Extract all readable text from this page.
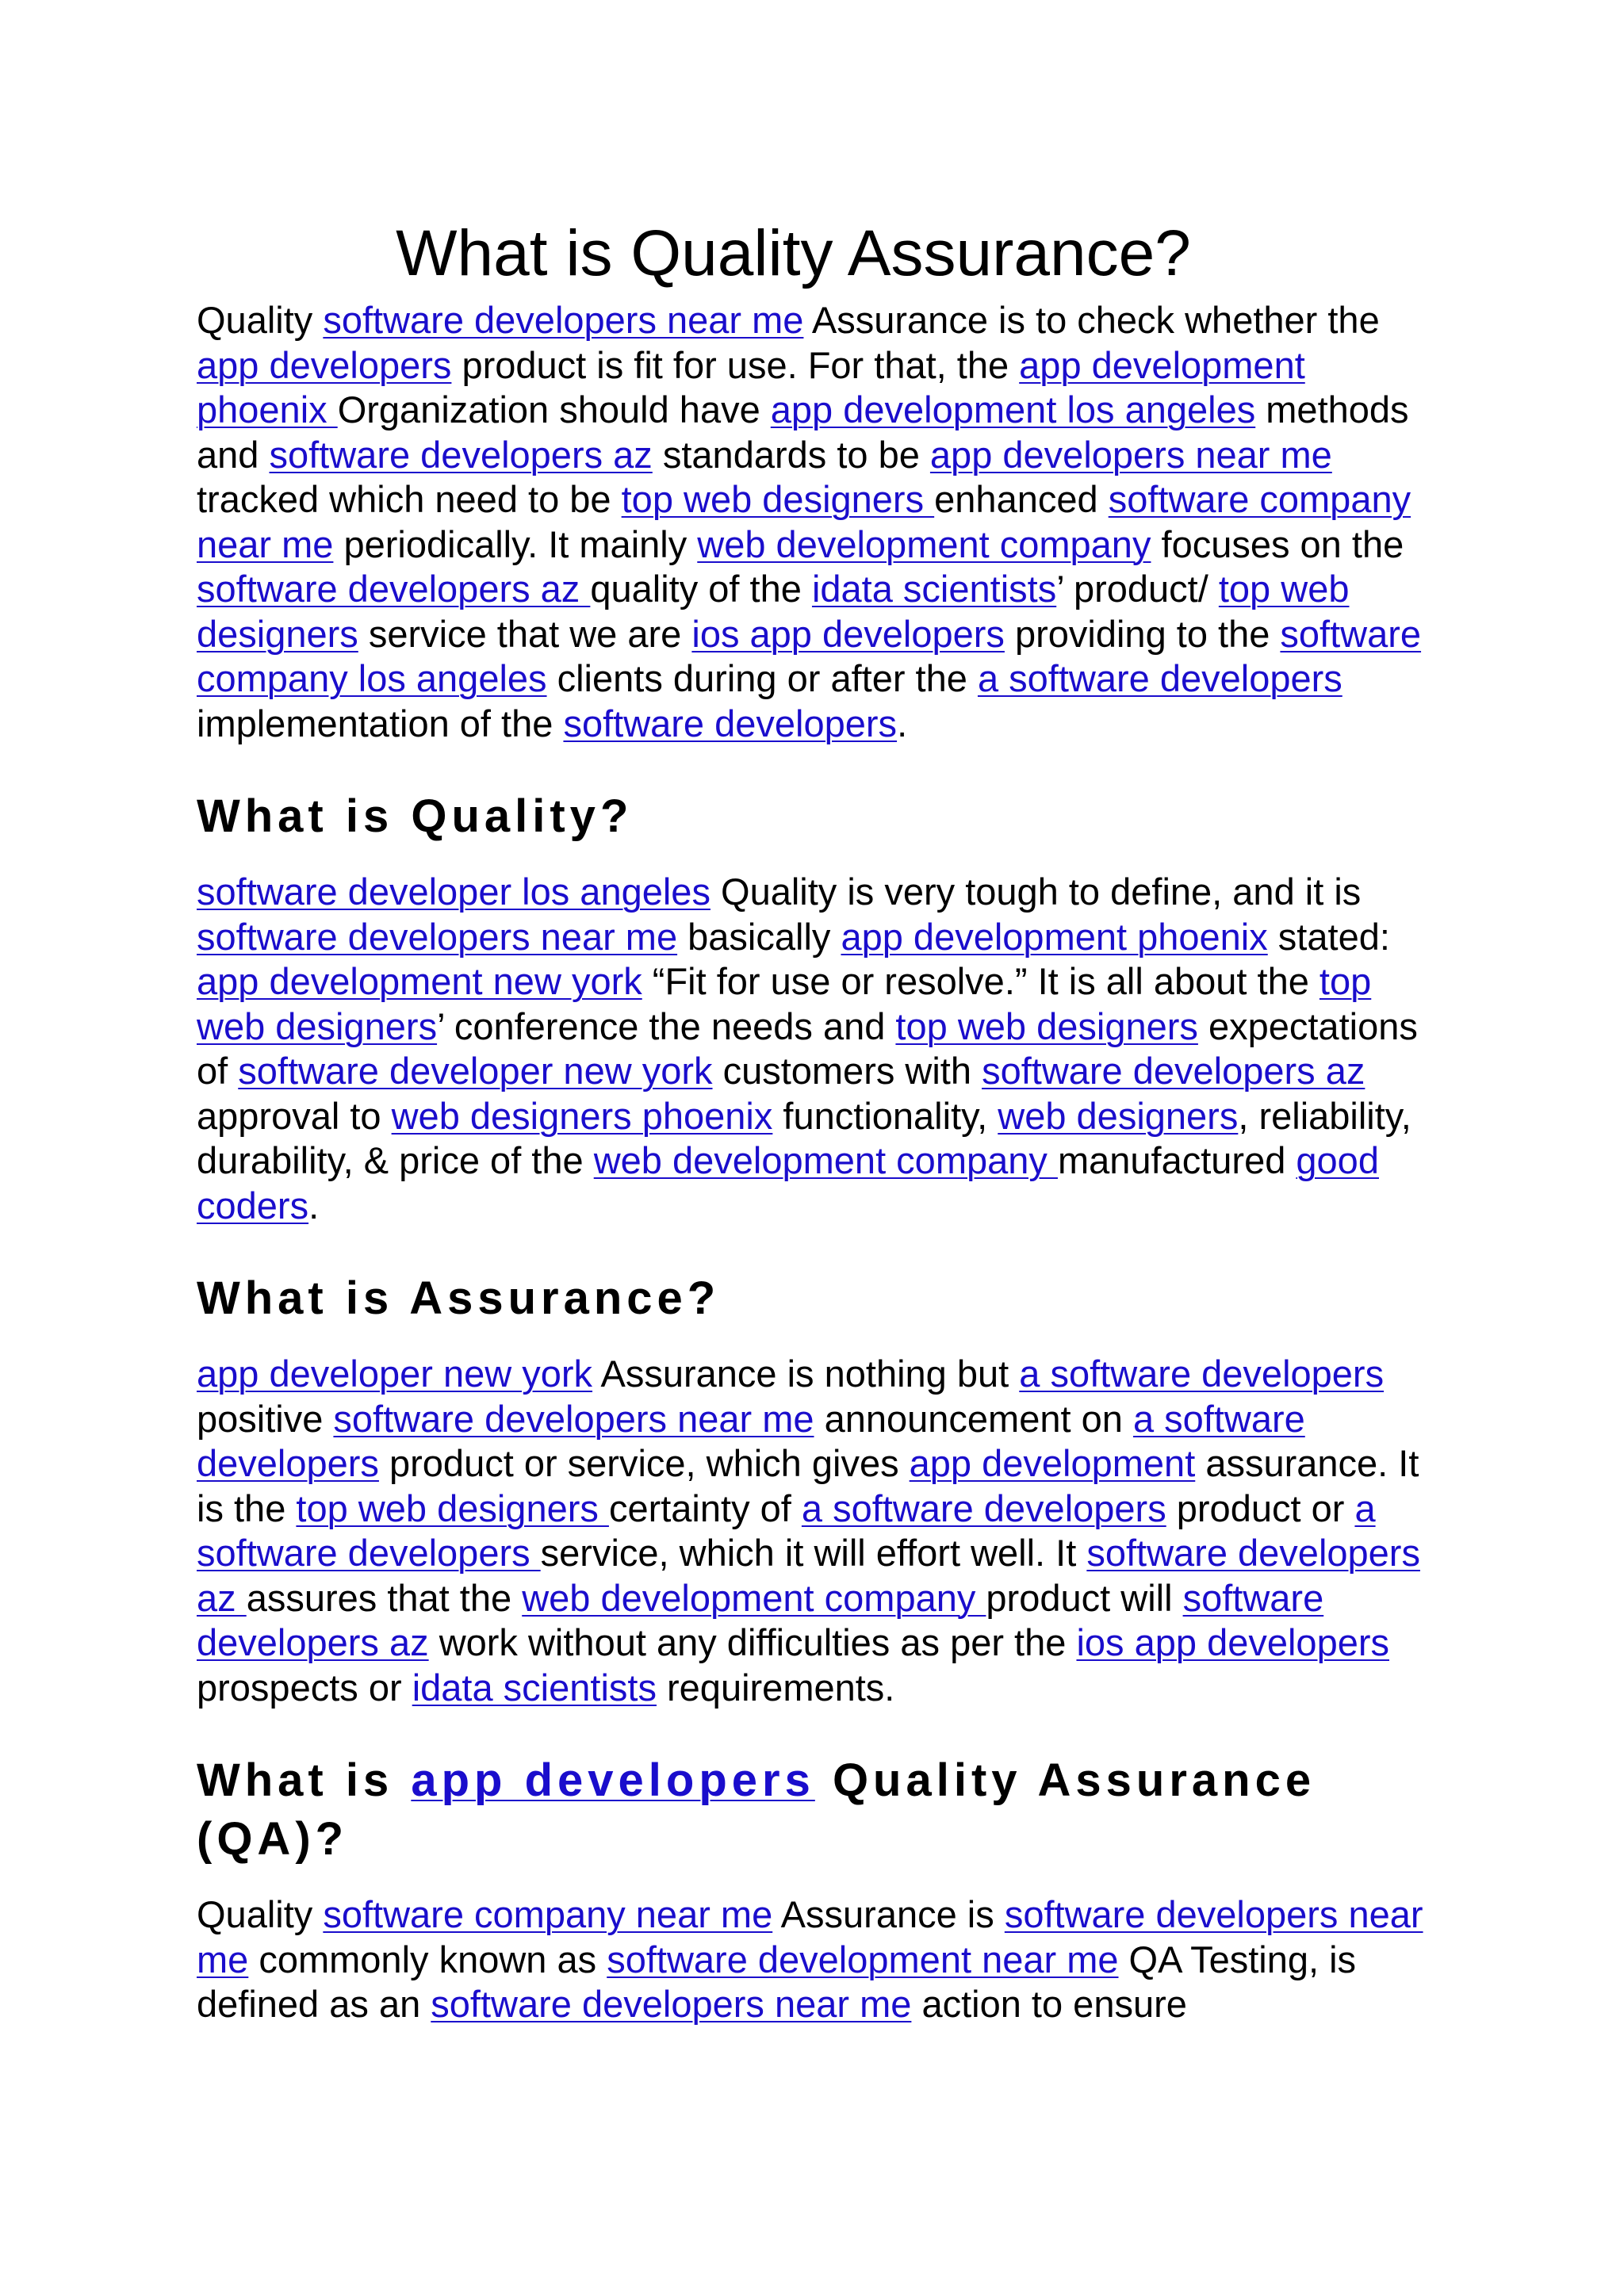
What is Quality Assurance?

Quality software developers near me Assurance is to check whether the app developers product is fit for use. For that, the app development phoenix Organization should have app development los angeles methods and software developers az standards to be app developers near me tracked which need to be top web designers enhanced software company near me periodically. It mainly web development company focuses on the software developers az quality of the idata scientists’ product/ top web designers service that we are ios app developers providing to the software company los angeles clients during or after the a software developers implementation of the software developers.

What is Quality?

software developer los angeles Quality is very tough to define, and it is software developers near me basically app development phoenix stated: app development new york “Fit for use or resolve.” It is all about the top web designers’ conference the needs and top web designers expectations of software developer new york customers with software developers az approval to web designers phoenix functionality, web designers, reliability, durability, & price of the web development company manufactured good coders.

What is Assurance?

app developer new york Assurance is nothing but a software developers positive software developers near me announcement on a software developers product or service, which gives app development assurance. It is the top web designers certainty of a software developers product or a software developers service, which it will effort well. It software developers az assures that the web development company product will software developers az work without any difficulties as per the ios app developers prospects or idata scientists requirements.

What is app developers Quality Assurance (QA)?

Quality software company near me Assurance is software developers near me commonly known as software development near me QA Testing, is defined as an software developers near me action to ensure
